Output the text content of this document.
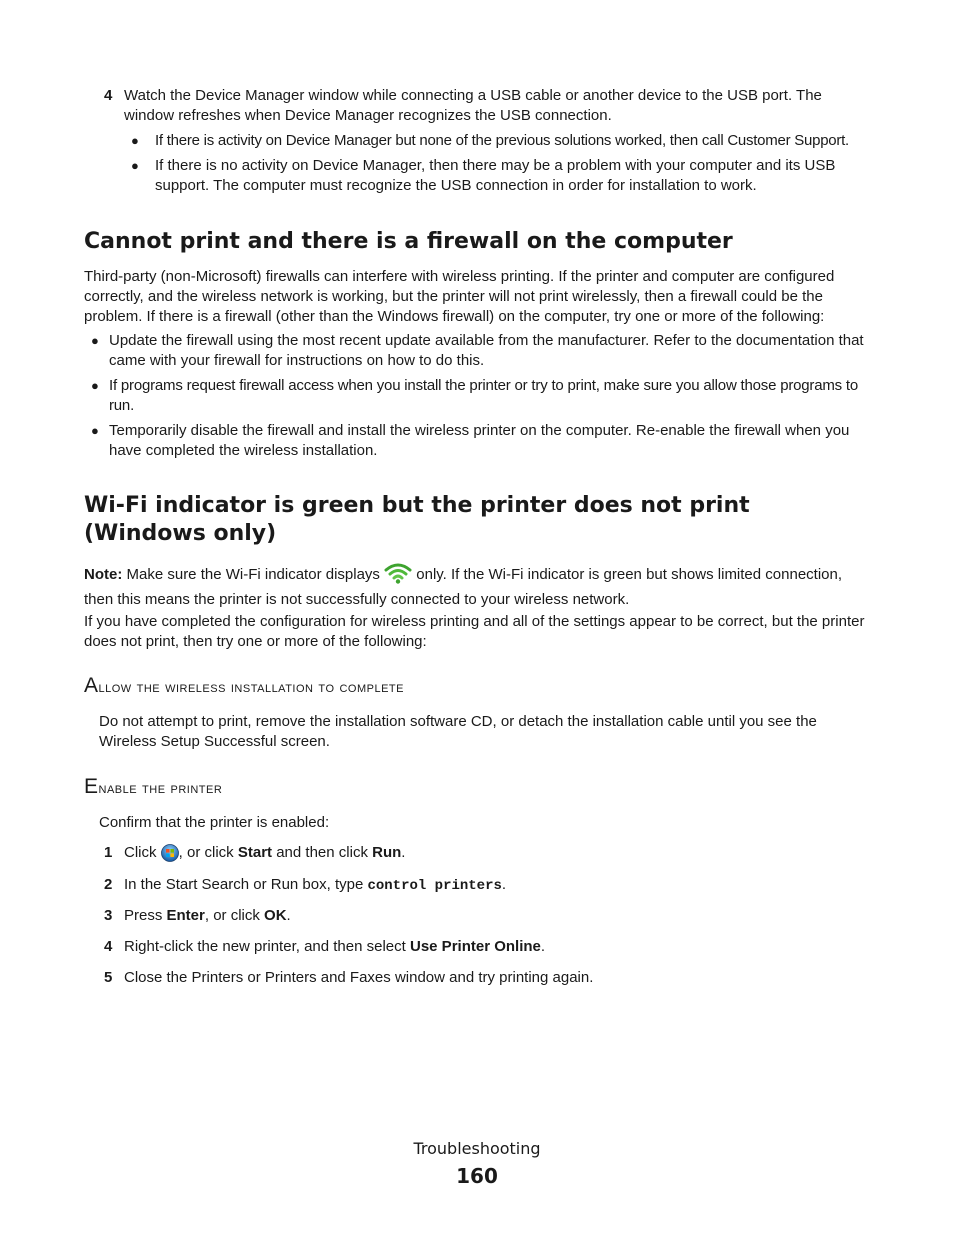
4 Watch the Device Manager window while connecting a USB cable or another device to the USB port. The window refreshes when Device Manager recognizes the USB connection.
●	If there is activity on Device Manager but none of the previous solutions worked, then call Customer Support.
●	If there is no activity on Device Manager, then there may be a problem with your computer and its USB support. The computer must recognize the USB connection in order for installation to work.
Cannot print and there is a firewall on the computer
Third-party (non-Microsoft) firewalls can interfere with wireless printing. If the printer and computer are configured correctly, and the wireless network is working, but the printer will not print wirelessly, then a firewall could be the problem. If there is a firewall (other than the Windows firewall) on the computer, try one or more of the following:
● Update the firewall using the most recent update available from the manufacturer. Refer to the documentation that came with your firewall for instructions on how to do this.
● If programs request firewall access when you install the printer or try to print, make sure you allow those programs to run.
● Temporarily disable the firewall and install the wireless printer on the computer. Re-enable the firewall when you have completed the wireless installation.
Wi-Fi indicator is green but the printer does not print (Windows only)
Note: Make sure the Wi-Fi indicator displays only. If the Wi-Fi indicator is green but shows limited connection, then this means the printer is not successfully connected to your wireless network.
If you have completed the configuration for wireless printing and all of the settings appear to be correct, but the printer does not print, then try one or more of the following:
Allow the wireless installation to complete
Do not attempt to print, remove the installation software CD, or detach the installation cable until you see the Wireless Setup Successful screen.
Enable the printer
Confirm that the printer is enabled:
1 Click , or click Start and then click Run.
2 In the Start Search or Run box, type control printers.
3 Press Enter, or click OK.
4 Right-click the new printer, and then select Use Printer Online.
5 Close the Printers or Printers and Faxes window and try printing again.
Troubleshooting
160
